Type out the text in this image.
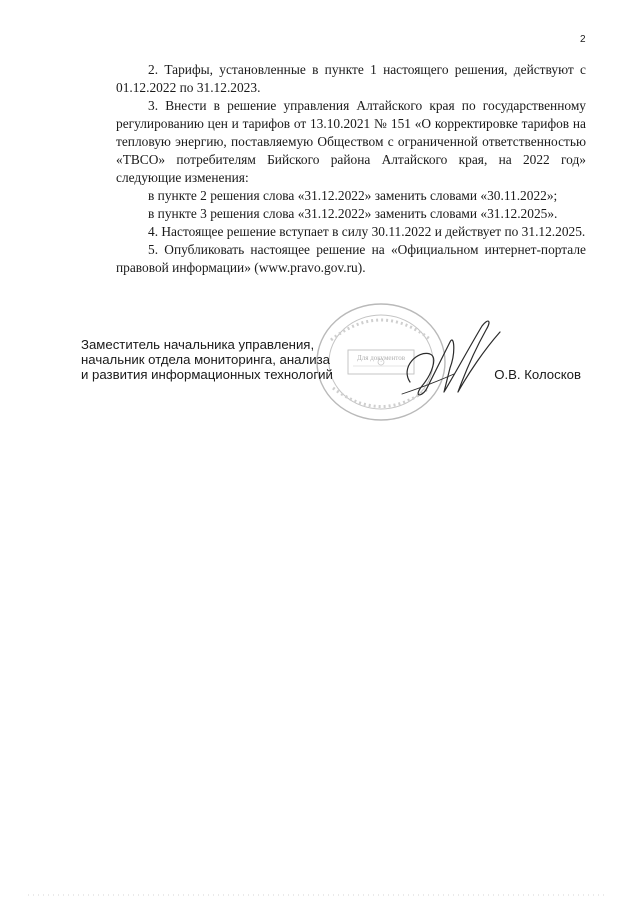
2

2. Тарифы, установленные в пункте 1 настоящего решения, действуют с 01.12.2022 по 31.12.2023.

3. Внести в решение управления Алтайского края по государственному регулированию цен и тарифов от 13.10.2021 № 151 «О корректировке тарифов на тепловую энергию, поставляемую Обществом с ограниченной ответственностью «ТВСО» потребителям Бийского района Алтайского края, на 2022 год» следующие изменения:

в пункте 2 решения слова «31.12.2022» заменить словами «30.11.2022»;

в пункте 3 решения слова «31.12.2022» заменить словами «31.12.2025».

4. Настоящее решение вступает в силу 30.11.2022 и действует по 31.12.2025.

5. Опубликовать настоящее решение на «Официальном интернет-портале правовой информации» (www.pravo.gov.ru).

Для документов
Заместитель начальника управления,
начальник отдела мониторинга, анализа
и развития информационных технологий	О.В. Колосков
